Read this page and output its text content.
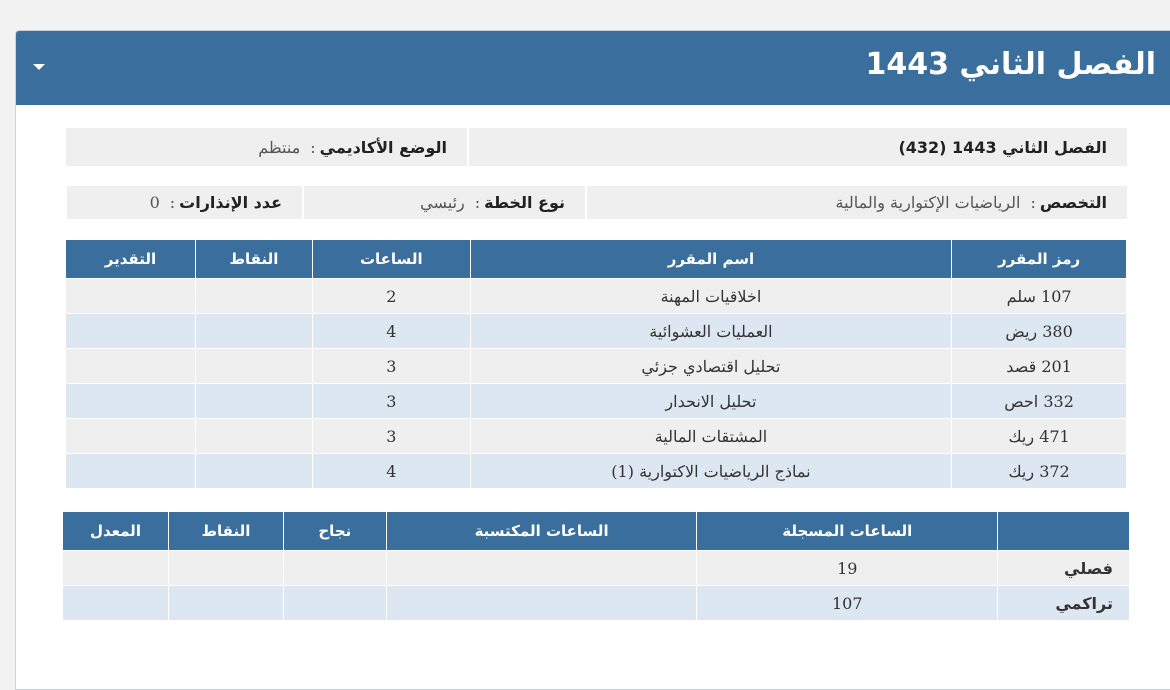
الفصل الثاني 1443
الفصل الثاني 1443 (432)
الوضع الأكاديمي
:
منتظم
التخصص
:
الرياضيات الإكتوارية والمالية
نوع الخطة
:
رئيسي
عدد الإنذارات
:
0
رمز المقرر	اسم المقرر	الساعات	النقاط	التقدير
107 سلم	اخلاقيات المهنة	2		
380 ريض	العمليات العشوائية	4		
201 قصد	تحليل اقتصادي جزئي	3		
332 احص	تحليل الانحدار	3		
471 ريك	المشتقات المالية	3		
372 ريك	نماذج الرياضيات الاكتوارية (1)	4		
	الساعات المسجلة	الساعات المكتسبة	نجاح	النقاط	المعدل
فصلي	19				
تراكمي	107				
